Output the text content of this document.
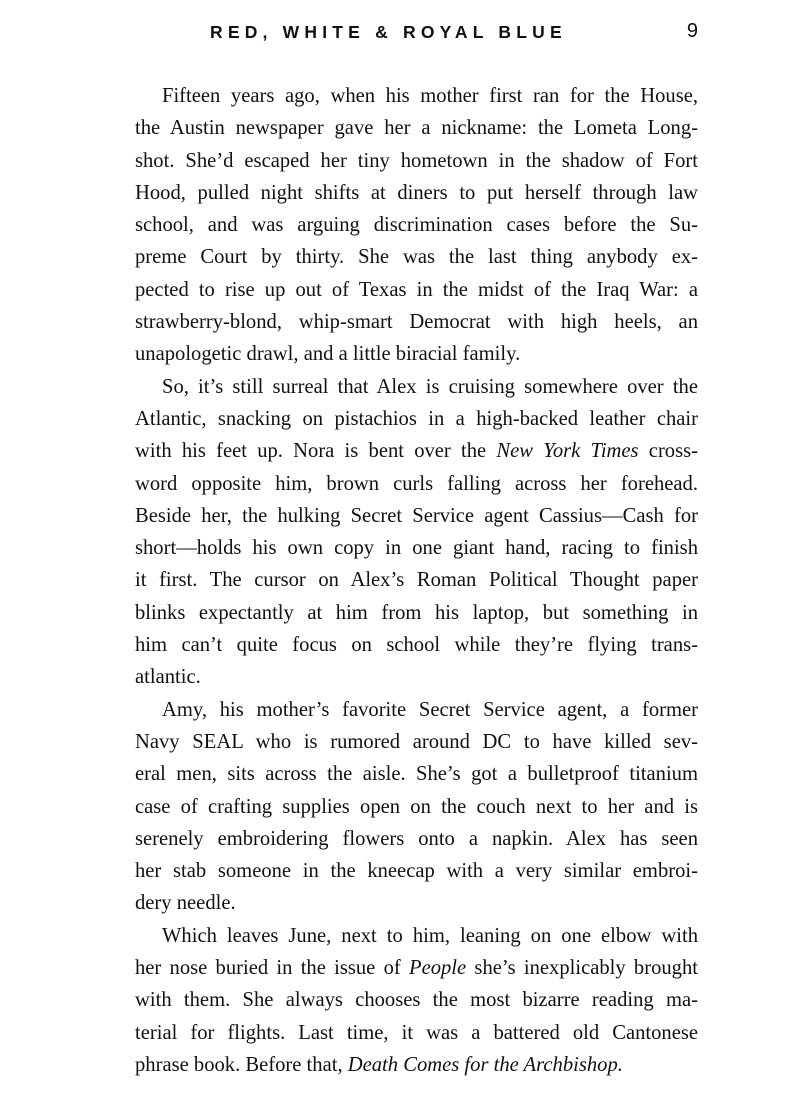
RED, WHITE & ROYAL BLUE	9
Fifteen years ago, when his mother first ran for the House,
the Austin newspaper gave her a nickname: the Lometa Long-
shot. She’d escaped her tiny hometown in the shadow of Fort
Hood, pulled night shifts at diners to put herself through law
school, and was arguing discrimination cases before the Su-
preme Court by thirty. She was the last thing anybody ex-
pected to rise up out of Texas in the midst of the Iraq War: a
strawberry-blond, whip-smart Democrat with high heels, an
unapologetic drawl, and a little biracial family.
So, it’s still surreal that Alex is cruising somewhere over the
Atlantic, snacking on pistachios in a high-backed leather chair
with his feet up. Nora is bent over the New York Times cross-
word opposite him, brown curls falling across her forehead.
Beside her, the hulking Secret Service agent Cassius—Cash for
short—holds his own copy in one giant hand, racing to finish
it first. The cursor on Alex’s Roman Political Thought paper
blinks expectantly at him from his laptop, but something in
him can’t quite focus on school while they’re flying trans-
atlantic.
Amy, his mother’s favorite Secret Service agent, a former
Navy SEAL who is rumored around DC to have killed sev-
eral men, sits across the aisle. She’s got a bulletproof titanium
case of crafting supplies open on the couch next to her and is
serenely embroidering flowers onto a napkin. Alex has seen
her stab someone in the kneecap with a very similar embroi-
dery needle.
Which leaves June, next to him, leaning on one elbow with
her nose buried in the issue of People she’s inexplicably brought
with them. She always chooses the most bizarre reading ma-
terial for flights. Last time, it was a battered old Cantonese
phrase book. Before that, Death Comes for the Archbishop.
